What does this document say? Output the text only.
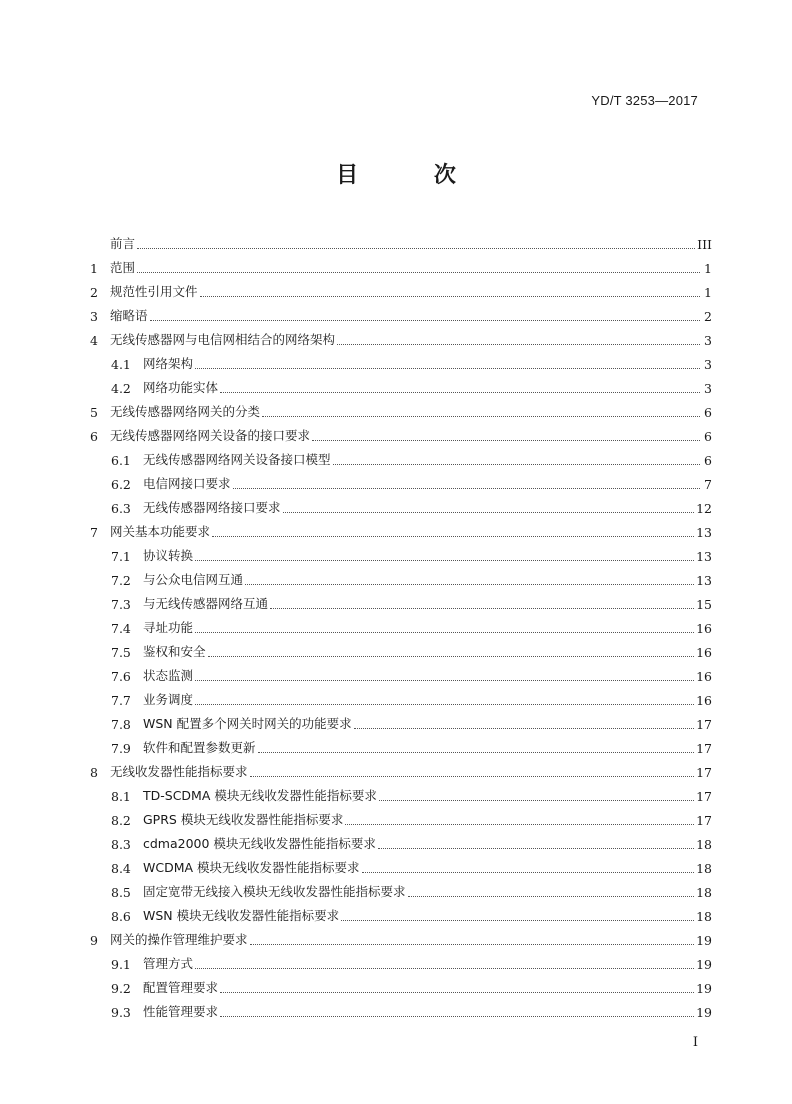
YD/T 3253—2017
目 次
前言	III
1 范围	1
2 规范性引用文件	1
3 缩略语	2
4 无线传感器网与电信网相结合的网络架构	3
4.1 网络架构	3
4.2 网络功能实体	3
5 无线传感器网络网关的分类	6
6 无线传感器网络网关设备的接口要求	6
6.1 无线传感器网络网关设备接口模型	6
6.2 电信网接口要求	7
6.3 无线传感器网络接口要求	12
7 网关基本功能要求	13
7.1 协议转换	13
7.2 与公众电信网互通	13
7.3 与无线传感器网络互通	15
7.4 寻址功能	16
7.5 鉴权和安全	16
7.6 状态监测	16
7.7 业务调度	16
7.8 WSN 配置多个网关时网关的功能要求	17
7.9 软件和配置参数更新	17
8 无线收发器性能指标要求	17
8.1 TD-SCDMA 模块无线收发器性能指标要求	17
8.2 GPRS 模块无线收发器性能指标要求	17
8.3 cdma2000 模块无线收发器性能指标要求	18
8.4 WCDMA 模块无线收发器性能指标要求	18
8.5 固定宽带无线接入模块无线收发器性能指标要求	18
8.6 WSN 模块无线收发器性能指标要求	18
9 网关的操作管理维护要求	19
9.1 管理方式	19
9.2 配置管理要求	19
9.3 性能管理要求	19
I
